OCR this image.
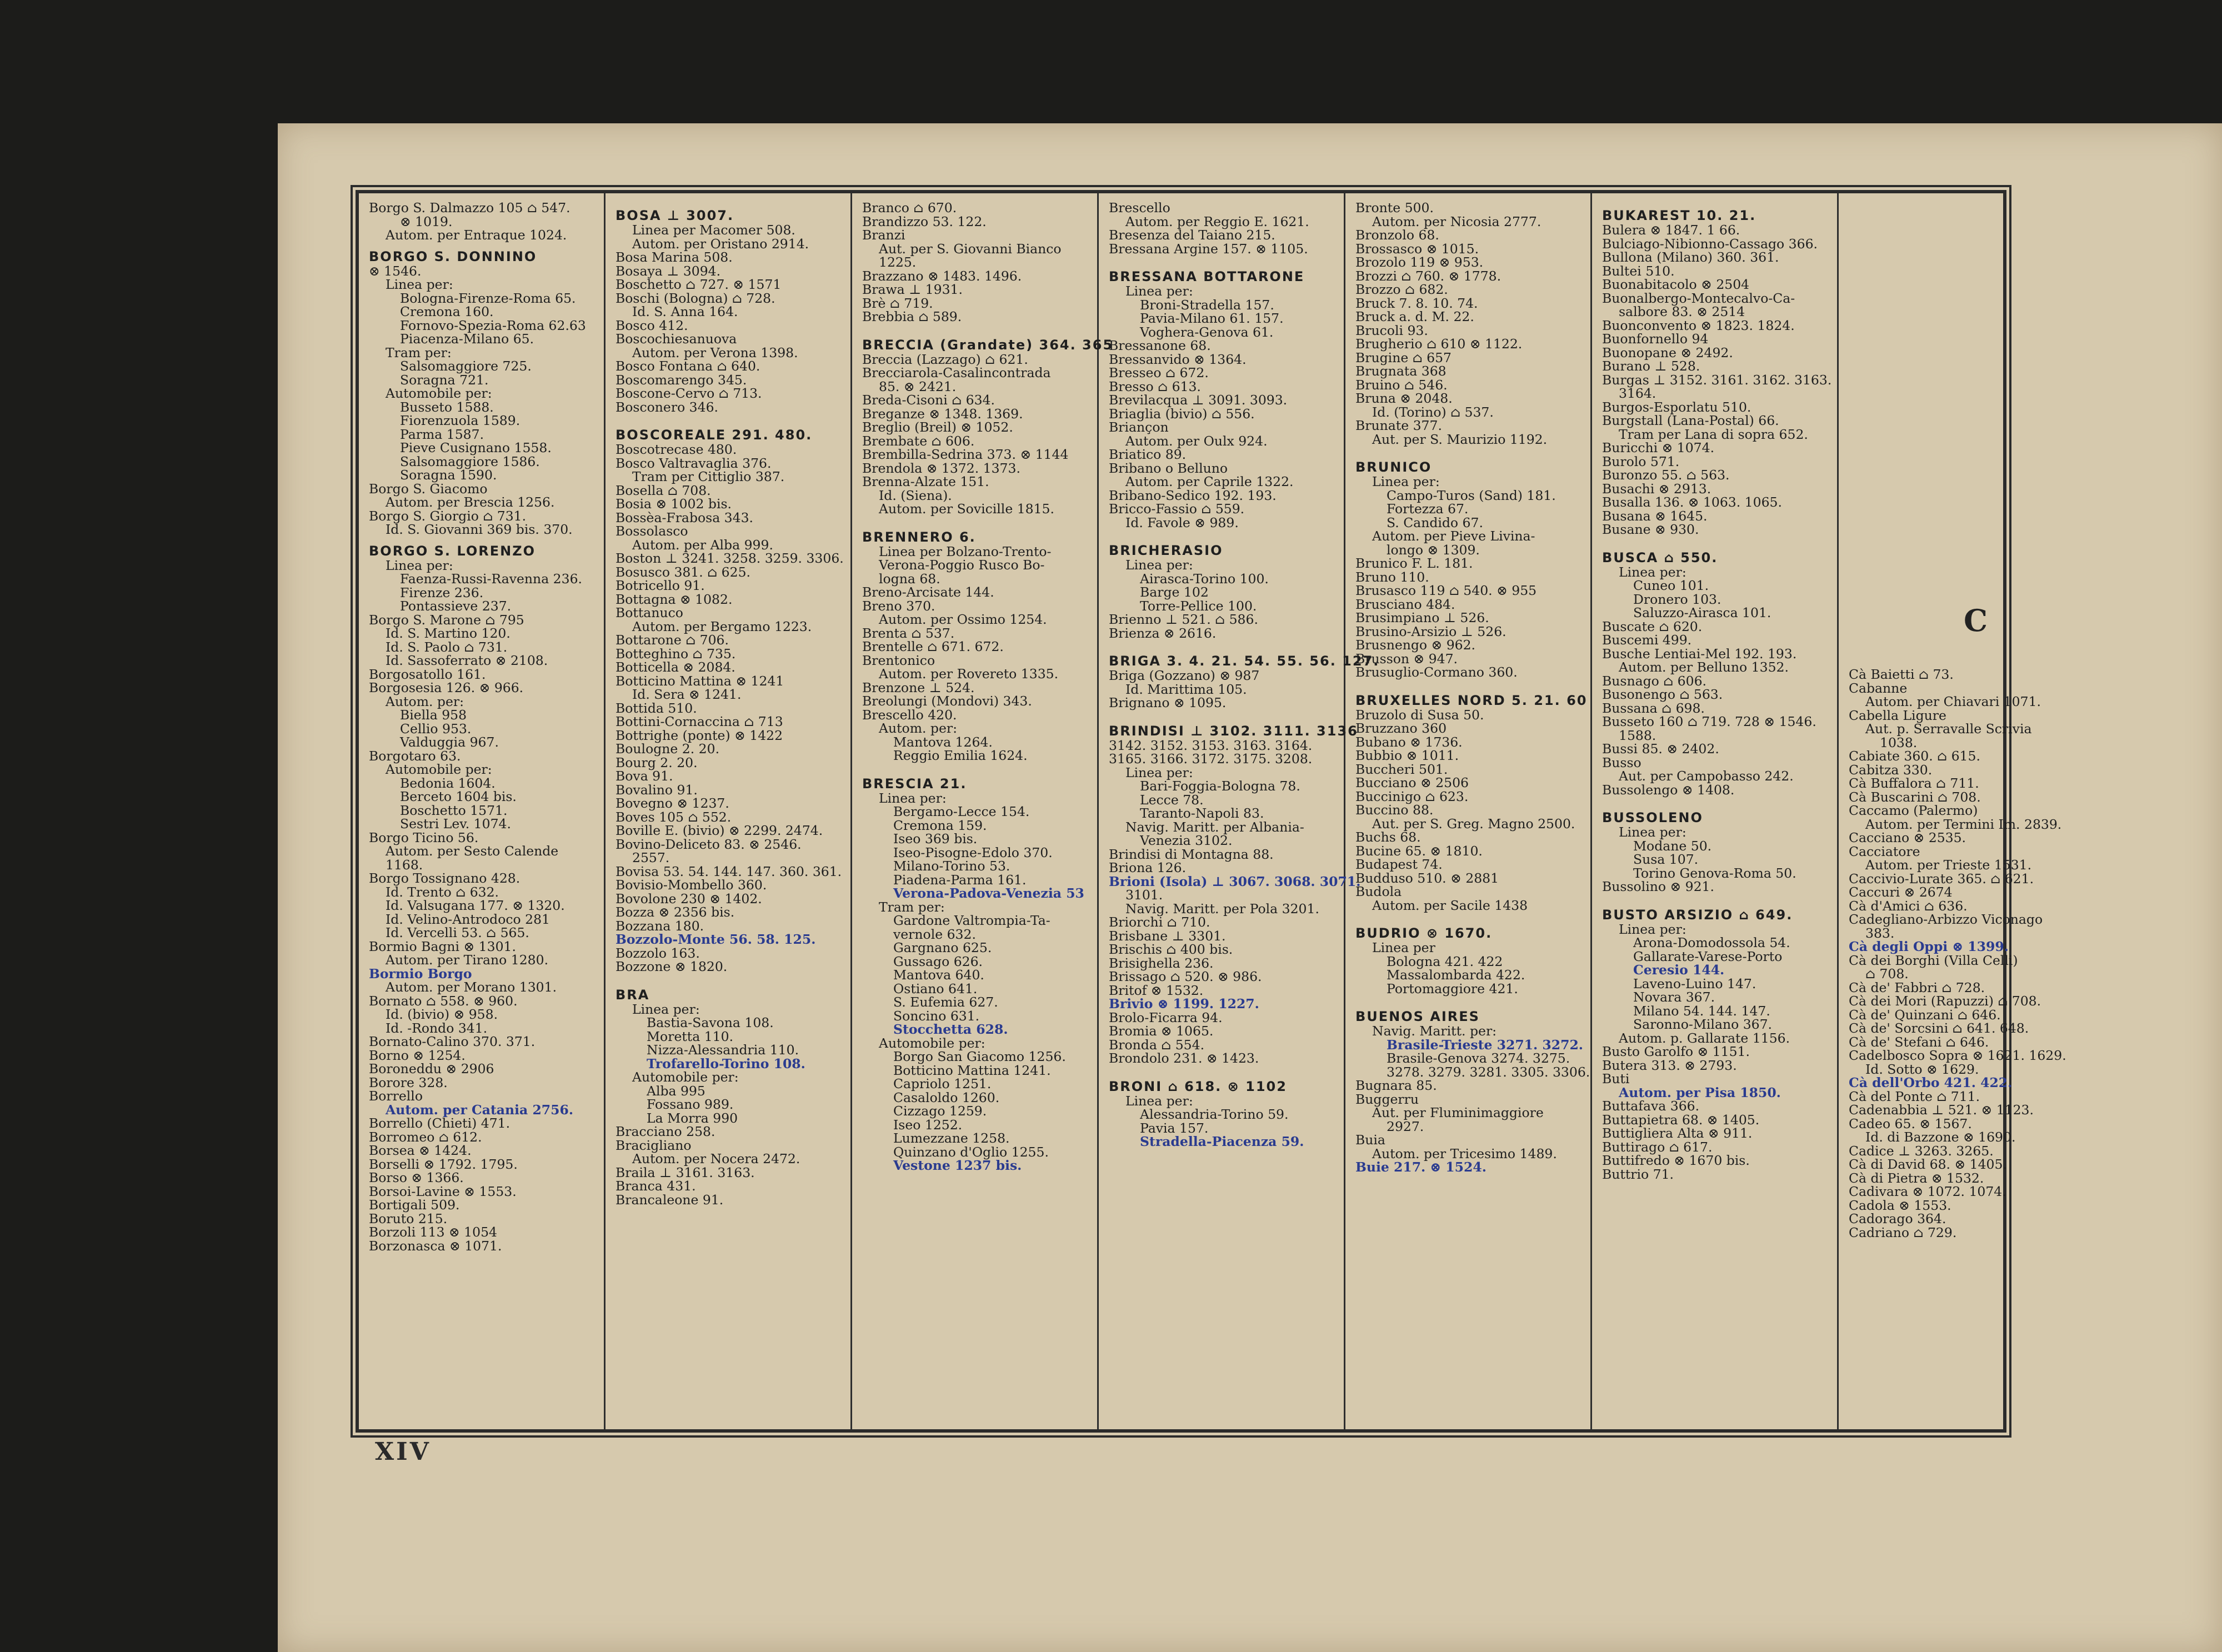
Borgo S. Dalmazzo 105 ⌂ 547.
⊗ 1019.
Autom. per Entraque 1024.
BORGO S. DONNINO
⊗ 1546.
Linea per:
Bologna-Firenze-Roma 65.
Cremona 160.
Fornovo-Spezia-Roma 62.63
Piacenza-Milano 65.
Tram per:
Salsomaggiore 725.
Soragna 721.
Automobile per:
Busseto 1588.
Fiorenzuola 1589.
Parma 1587.
Pieve Cusignano 1558.
Salsomaggiore 1586.
Soragna 1590.
Borgo S. Giacomo
Autom. per Brescia 1256.
Borgo S. Giorgio ⌂ 731.
Id. S. Giovanni 369 bis. 370.
BORGO S. LORENZO
Linea per:
Faenza-Russi-Ravenna 236.
Firenze 236.
Pontassieve 237.
Borgo S. Marone ⌂ 795
Id. S. Martino 120.
Id. S. Paolo ⌂ 731.
Id. Sassoferrato ⊗ 2108.
Borgosatollo 161.
Borgosesia 126. ⊗ 966.
Autom. per:
Biella 958
Cellio 953.
Valduggia 967.
Borgotaro 63.
Automobile per:
Bedonia 1604.
Berceto 1604 bis.
Boschetto 1571.
Sestri Lev. 1074.
Borgo Ticino 56.
Autom. per Sesto Calende
1168.
Borgo Tossignano 428.
Id. Trento ⌂ 632.
Id. Valsugana 177. ⊗ 1320.
Id. Velino-Antrodoco 281
Id. Vercelli 53. ⌂ 565.
Bormio Bagni ⊗ 1301.
Autom. per Tirano 1280.
Bormio Borgo
Autom. per Morano 1301.
Bornato ⌂ 558. ⊗ 960.
Id. (bivio) ⊗ 958.
Id. -Rondo 341.
Bornato-Calino 370. 371.
Borno ⊗ 1254.
Boroneddu ⊗ 2906
Borore 328.
Borrello
Autom. per Catania 2756.
Borrello (Chieti) 471.
Borromeo ⌂ 612.
Borsea ⊗ 1424.
Borselli ⊗ 1792. 1795.
Borso ⊗ 1366.
Borsoi-Lavine ⊗ 1553.
Bortigali 509.
Boruto 215.
Borzoli 113 ⊗ 1054
Borzonasca ⊗ 1071.
BOSA ⊥ 3007.
Linea per Macomer 508.
Autom. per Oristano 2914.
Bosa Marina 508.
Bosaya ⊥ 3094.
Boschetto ⌂ 727. ⊗ 1571
Boschi (Bologna) ⌂ 728.
Id. S. Anna 164.
Bosco 412.
Boscochiesanuova
Autom. per Verona 1398.
Bosco Fontana ⌂ 640.
Boscomarengo 345.
Boscone-Cervo ⌂ 713.
Bosconero 346.
BOSCOREALE 291. 480.
Boscotrecase 480.
Bosco Valtravaglia 376.
Tram per Cittiglio 387.
Bosella ⌂ 708.
Bosia ⊗ 1002 bis.
Bossèa-Frabosa 343.
Bossolasco
Autom. per Alba 999.
Boston ⊥ 3241. 3258. 3259. 3306.
Bosusco 381. ⌂ 625.
Botricello 91.
Bottagna ⊗ 1082.
Bottanuco
Autom. per Bergamo 1223.
Bottarone ⌂ 706.
Botteghino ⌂ 735.
Botticella ⊗ 2084.
Botticino Mattina ⊗ 1241
Id. Sera ⊗ 1241.
Bottida 510.
Bottini-Cornaccina ⌂ 713
Bottrighe (ponte) ⊗ 1422
Boulogne 2. 20.
Bourg 2. 20.
Bova 91.
Bovalino 91.
Bovegno ⊗ 1237.
Boves 105 ⌂ 552.
Boville E. (bivio) ⊗ 2299. 2474.
Bovino-Deliceto 83. ⊗ 2546.
2557.
Bovisa 53. 54. 144. 147. 360. 361.
Bovisio-Mombello 360.
Bovolone 230 ⊗ 1402.
Bozza ⊗ 2356 bis.
Bozzana 180.
Bozzolo-Monte 56. 58. 125.
Bozzolo 163.
Bozzone ⊗ 1820.
BRA
Linea per:
Bastia-Savona 108.
Moretta 110.
Nizza-Alessandria 110.
Trofarello-Torino 108.
Automobile per:
Alba 995
Fossano 989.
La Morra 990
Bracciano 258.
Bracigliano
Autom. per Nocera 2472.
Braila ⊥ 3161. 3163.
Branca 431.
Brancaleone 91.
Branco ⌂ 670.
Brandizzo 53. 122.
Branzi
Aut. per S. Giovanni Bianco
1225.
Brazzano ⊗ 1483. 1496.
Brawa ⊥ 1931.
Brè ⌂ 719.
Brebbia ⌂ 589.
BRECCIA (Grandate) 364. 365
Breccia (Lazzago) ⌂ 621.
Brecciarola-Casalincontrada
85. ⊗ 2421.
Breda-Cisoni ⌂ 634.
Breganze ⊗ 1348. 1369.
Breglio (Breil) ⊗ 1052.
Brembate ⌂ 606.
Brembilla-Sedrina 373. ⊗ 1144
Brendola ⊗ 1372. 1373.
Brenna-Alzate 151.
Id. (Siena).
Autom. per Sovicille 1815.
BRENNERO 6.
Linea per Bolzano-Trento-
Verona-Poggio Rusco Bo-
logna 68.
Breno-Arcisate 144.
Breno 370.
Autom. per Ossimo 1254.
Brenta ⌂ 537.
Brentelle ⌂ 671. 672.
Brentonico
Autom. per Rovereto 1335.
Brenzone ⊥ 524.
Breolungi (Mondovi) 343.
Brescello 420.
Autom. per:
Mantova 1264.
Reggio Emilia 1624.
BRESCIA 21.
Linea per:
Bergamo-Lecce 154.
Cremona 159.
Iseo 369 bis.
Iseo-Pisogne-Edolo 370.
Milano-Torino 53.
Piadena-Parma 161.
Verona-Padova-Venezia 53
Tram per:
Gardone Valtrompia-Ta-
vernole 632.
Gargnano 625.
Gussago 626.
Mantova 640.
Ostiano 641.
S. Eufemia 627.
Soncino 631.
Stocchetta 628.
Automobile per:
Borgo San Giacomo 1256.
Botticino Mattina 1241.
Capriolo 1251.
Casaloldo 1260.
Cizzago 1259.
Iseo 1252.
Lumezzane 1258.
Quinzano d'Oglio 1255.
Vestone 1237 bis.
Brescello
Autom. per Reggio E. 1621.
Bresenza del Taiano 215.
Bressana Argine 157. ⊗ 1105.
BRESSANA BOTTARONE
Linea per:
Broni-Stradella 157.
Pavia-Milano 61. 157.
Voghera-Genova 61.
Bressanone 68.
Bressanvido ⊗ 1364.
Bresseo ⌂ 672.
Bresso ⌂ 613.
Brevilacqua ⊥ 3091. 3093.
Briaglia (bivio) ⌂ 556.
Briançon
Autom. per Oulx 924.
Briatico 89.
Bribano o Belluno
Autom. per Caprile 1322.
Bribano-Sedico 192. 193.
Bricco-Fassio ⌂ 559.
Id. Favole ⊗ 989.
BRICHERASIO
Linea per:
Airasca-Torino 100.
Barge 102
Torre-Pellice 100.
Brienno ⊥ 521. ⌂ 586.
Brienza ⊗ 2616.
BRIGA 3. 4. 21. 54. 55. 56. 127.
Briga (Gozzano) ⊗ 987
Id. Marittima 105.
Brignano ⊗ 1095.
BRINDISI ⊥ 3102. 3111. 3136
3142. 3152. 3153. 3163. 3164.
3165. 3166. 3172. 3175. 3208.
Linea per:
Bari-Foggia-Bologna 78.
Lecce 78.
Taranto-Napoli 83.
Navig. Maritt. per Albania-
Venezia 3102.
Brindisi di Montagna 88.
Briona 126.
Brioni (Isola) ⊥ 3067. 3068. 3071.
3101.
Navig. Maritt. per Pola 3201.
Briorchi ⌂ 710.
Brisbane ⊥ 3301.
Brischis ⌂ 400 bis.
Brisighella 236.
Brissago ⌂ 520. ⊗ 986.
Britof ⊗ 1532.
Brivio ⊗ 1199. 1227.
Brolo-Ficarra 94.
Bromia ⊗ 1065.
Bronda ⌂ 554.
Brondolo 231. ⊗ 1423.
BRONI ⌂ 618. ⊗ 1102
Linea per:
Alessandria-Torino 59.
Pavia 157.
Stradella-Piacenza 59.
Bronte 500.
Autom. per Nicosia 2777.
Bronzolo 68.
Brossasco ⊗ 1015.
Brozolo 119 ⊗ 953.
Brozzi ⌂ 760. ⊗ 1778.
Brozzo ⌂ 682.
Bruck 7. 8. 10. 74.
Bruck a. d. M. 22.
Brucoli 93.
Brugherio ⌂ 610 ⊗ 1122.
Brugine ⌂ 657
Brugnata 368
Bruino ⌂ 546.
Bruna ⊗ 2048.
Id. (Torino) ⌂ 537.
Brunate 377.
Aut. per S. Maurizio 1192.
BRUNICO
Linea per:
Campo-Turos (Sand) 181.
Fortezza 67.
S. Candido 67.
Autom. per Pieve Livina-
longo ⊗ 1309.
Brunico F. L. 181.
Bruno 110.
Brusasco 119 ⌂ 540. ⊗ 955
Brusciano 484.
Brusimpiano ⊥ 526.
Brusino-Arsizio ⊥ 526.
Brusnengo ⊗ 962.
Brusson ⊗ 947.
Brusuglio-Cormano 360.
BRUXELLES NORD 5. 21. 60
Bruzolo di Susa 50.
Bruzzano 360
Bubano ⊗ 1736.
Bubbio ⊗ 1011.
Buccheri 501.
Bucciano ⊗ 2506
Buccinigo ⌂ 623.
Buccino 88.
Aut. per S. Greg. Magno 2500.
Buchs 68.
Bucine 65. ⊗ 1810.
Budapest 74.
Budduso 510. ⊗ 2881
Budola
Autom. per Sacile 1438
BUDRIO ⊗ 1670.
Linea per
Bologna 421. 422
Massalombarda 422.
Portomaggiore 421.
BUENOS AIRES
Navig. Maritt. per:
Brasile-Trieste 3271. 3272.
Brasile-Genova 3274. 3275.
3278. 3279. 3281. 3305. 3306.
Bugnara 85.
Buggerru
Aut. per Fluminimaggiore
2927.
Buia
Autom. per Tricesimo 1489.
Buie 217. ⊗ 1524.
BUKAREST 10. 21.
Bulera ⊗ 1847. 1 66.
Bulciago-Nibionno-Cassago 366.
Bullona (Milano) 360. 361.
Bultei 510.
Buonabitacolo ⊗ 2504
Buonalbergo-Montecalvo-Ca-
salbore 83. ⊗ 2514
Buonconvento ⊗ 1823. 1824.
Buonfornello 94
Buonopane ⊗ 2492.
Burano ⊥ 528.
Burgas ⊥ 3152. 3161. 3162. 3163.
3164.
Burgos-Esporlatu 510.
Burgstall (Lana-Postal) 66.
Tram per Lana di sopra 652.
Buricchi ⊗ 1074.
Burolo 571.
Buronzo 55. ⌂ 563.
Busachi ⊗ 2913.
Busalla 136. ⊗ 1063. 1065.
Busana ⊗ 1645.
Busane ⊗ 930.
BUSCA ⌂ 550.
Linea per:
Cuneo 101.
Dronero 103.
Saluzzo-Airasca 101.
Buscate ⌂ 620.
Buscemi 499.
Busche Lentiai-Mel 192. 193.
Autom. per Belluno 1352.
Busnago ⌂ 606.
Busonengo ⌂ 563.
Bussana ⌂ 698.
Busseto 160 ⌂ 719. 728 ⊗ 1546.
1588.
Bussi 85. ⊗ 2402.
Busso
Aut. per Campobasso 242.
Bussolengo ⊗ 1408.
BUSSOLENO
Linea per:
Modane 50.
Susa 107.
Torino Genova-Roma 50.
Bussolino ⊗ 921.
BUSTO ARSIZIO ⌂ 649.
Linea per:
Arona-Domodossola 54.
Gallarate-Varese-Porto
Ceresio 144.
Laveno-Luino 147.
Novara 367.
Milano 54. 144. 147.
Saronno-Milano 367.
Autom. p. Gallarate 1156.
Busto Garolfo ⊗ 1151.
Butera 313. ⊗ 2793.
Buti
Autom. per Pisa 1850.
Buttafava 366.
Buttapietra 68. ⊗ 1405.
Buttigliera Alta ⊗ 911.
Buttirago ⌂ 617.
Buttifredo ⊗ 1670 bis.
Buttrio 71.
Cà Baietti ⌂ 73.
Cabanne
Autom. per Chiavari 1071.
Cabella Ligure
Aut. p. Serravalle Scrivia
1038.
Cabiate 360. ⌂ 615.
Cabitza 330.
Cà Buffalora ⌂ 711.
Cà Buscarini ⌂ 708.
Caccamo (Palermo)
Autom. per Termini Im. 2839.
Cacciano ⊗ 2535.
Cacciatore
Autom. per Trieste 1531.
Caccivio-Lurate 365. ⌂ 621.
Caccuri ⊗ 2674
Cà d'Amici ⌂ 636.
Cadegliano-Arbizzo Viconago
383.
Cà degli Oppi ⊗ 1399.
Cà dei Borghi (Villa Celli)
⌂ 708.
Cà de' Fabbri ⌂ 728.
Cà dei Mori (Rapuzzi) ⌂ 708.
Cà de' Quinzani ⌂ 646.
Cà de' Sorcsini ⌂ 641. 648.
Cà de' Stefani ⌂ 646.
Cadelbosco Sopra ⊗ 1621. 1629.
Id. Sotto ⊗ 1629.
Cà dell'Orbo 421. 422.
Cà del Ponte ⌂ 711.
Cadenabbia ⊥ 521. ⊗ 1123.
Cadeo 65. ⊗ 1567.
Id. di Bazzone ⊗ 1690.
Cadice ⊥ 3263. 3265.
Cà di David 68. ⊗ 1405.
Cà di Pietra ⊗ 1532.
Cadivara ⊗ 1072. 1074.
Cadola ⊗ 1553.
Cadorago 364.
Cadriano ⌂ 729.
XIV
C
